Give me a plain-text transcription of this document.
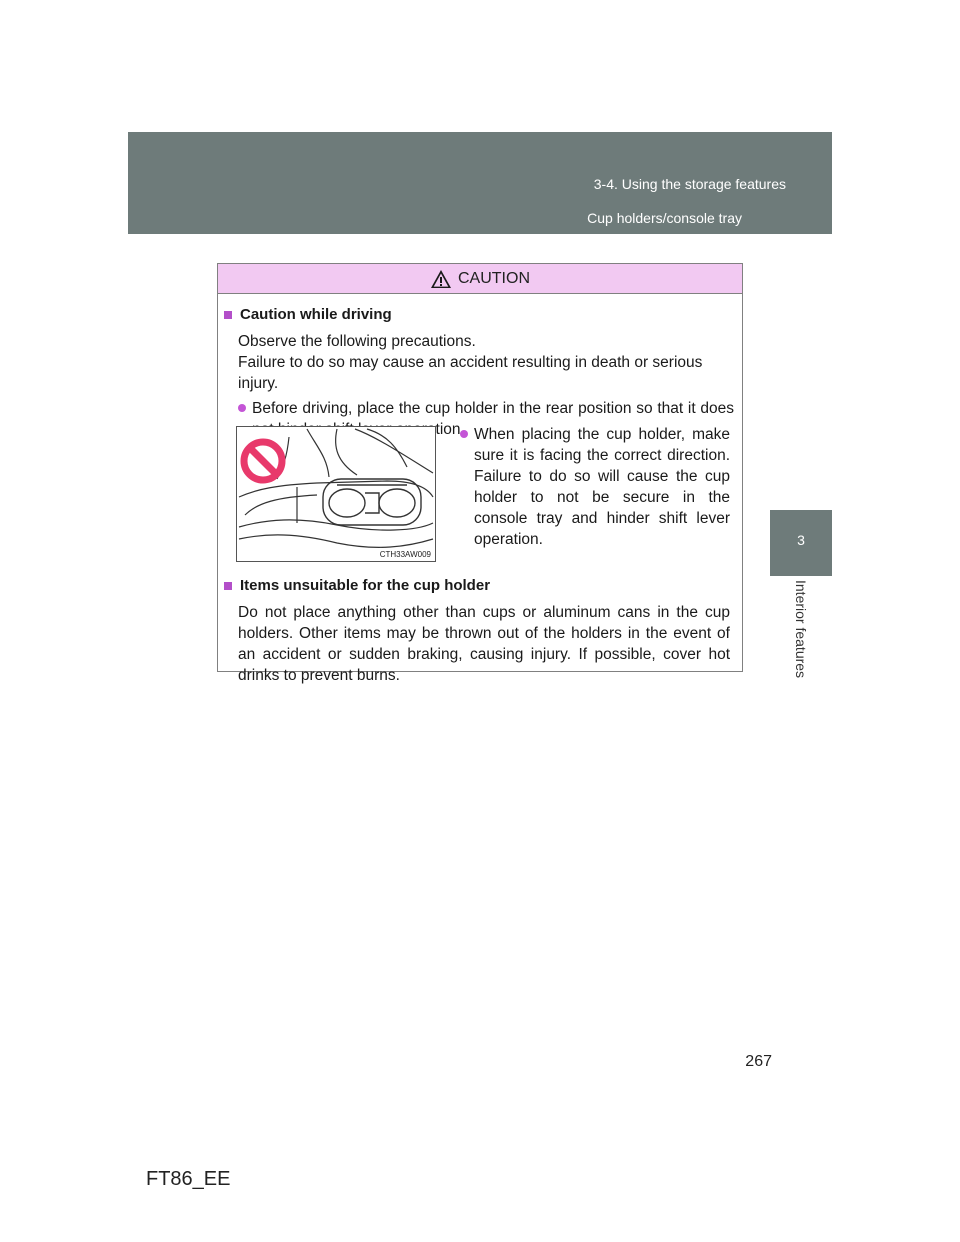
3-4. Using the storage features
Cup holders/console tray
3
Interior features
CAUTION
Caution while driving
Observe the following precautions.
Failure to do so may cause an accident resulting in death or serious injury.
Before driving, place the cup holder in the rear position so that it does
CTH33AW009
When placing the cup holder, make sure it is facing the correct direction. Failure to do so will cause the cup holder to not be secure in the console tray and hinder shift lever operation.
Items unsuitable for the cup holder
Do not place anything other than cups or aluminum cans in the cup holders. Other items may be thrown out of the holders in the event of an accident or sudden braking, causing injury. If possible, cover hot drinks to prevent burns.
267
FT86_EE
